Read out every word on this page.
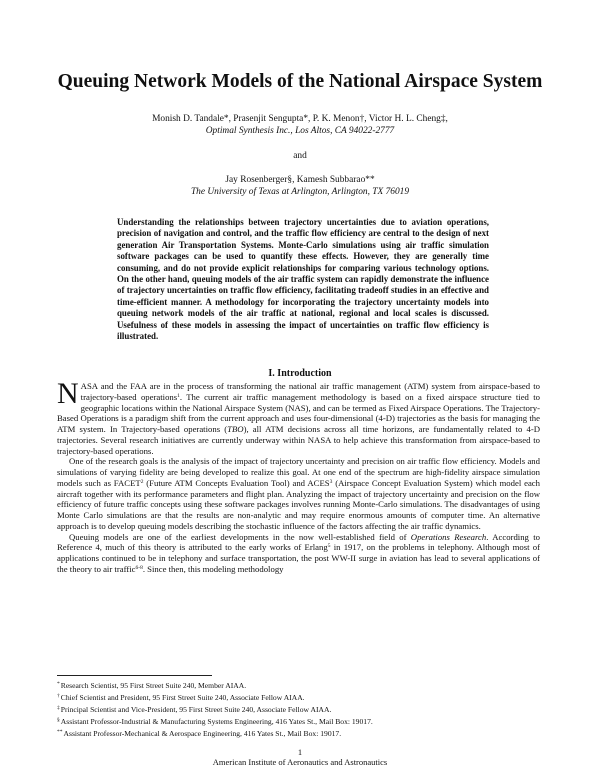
Queuing Network Models of the National Airspace System
Monish D. Tandale*, Prasenjit Sengupta*, P. K. Menon†, Victor H. L. Cheng‡,
Optimal Synthesis Inc., Los Altos, CA 94022-2777
and
Jay Rosenberger§, Kamesh Subbarao**
The University of Texas at Arlington, Arlington, TX 76019

Understanding the relationships between trajectory uncertainties due to aviation operations, precision of navigation and control, and the traffic flow efficiency are central to the design of next generation Air Transportation Systems. Monte-Carlo simulations using air traffic simulation software packages can be used to quantify these effects. However, they are generally time consuming, and do not provide explicit relationships for comparing various technology options. On the other hand, queuing models of the air traffic system can rapidly demonstrate the influence of trajectory uncertainties on traffic flow efficiency, facilitating tradeoff studies in an effective and time-efficient manner. A methodology for incorporating the trajectory uncertainty models into queuing network models of the air traffic at national, regional and local scales is discussed. Usefulness of these models in assessing the impact of uncertainties on traffic flow efficiency is illustrated.

I. Introduction

NASA and the FAA are in the process of transforming the national air traffic management (ATM) system from airspace-based to trajectory-based operations$^1$. The current air traffic management methodology is based on a fixed airspace structure tied to geographic locations within the National Airspace System (NAS), and can be termed as Fixed Airspace Operations. The Trajectory-Based Operations is a paradigm shift from the current approach and uses four-dimensional (4-D) trajectories as the basis for managing the ATM system. In Trajectory-based operations (TBO), all ATM decisions across all time horizons, are fundamentally related to 4-D trajectories. Several research initiatives are currently underway within NASA to help achieve this transformation from airspace-based to trajectory-based operations.

One of the research goals is the analysis of the impact of trajectory uncertainty and precision on air traffic flow efficiency. Models and simulations of varying fidelity are being developed to realize this goal. At one end of the spectrum are high-fidelity airspace simulation models such as FACET$^2$ (Future ATM Concepts Evaluation Tool) and ACES$^3$ (Airspace Concept Evaluation System) which model each aircraft together with its performance parameters and flight plan. Analyzing the impact of trajectory uncertainty and precision on the flow efficiency of future traffic concepts using these software packages involves running Monte-Carlo simulations. The disadvantages of using Monte Carlo simulations are that the results are non-analytic and may require enormous amounts of computer time. An alternative approach is to develop queuing models describing the stochastic influence of the factors affecting the air traffic dynamics.

Queuing models are one of the earliest developments in the now well-established field of Operations Research. According to Reference 4, much of this theory is attributed to the early works of Erlang$^5$ in 1917, on the problems in telephony. Although most of applications continued to be in telephony and surface transportation, the post WW-II surge in aviation has lead to several applications of the theory to air traffic$^{6-8}$. Since then, this modeling methodology

*Research Scientist, 95 First Street Suite 240, Member AIAA.
†Chief Scientist and President, 95 First Street Suite 240, Associate Fellow AIAA.
‡Principal Scientist and Vice-President, 95 First Street Suite 240, Associate Fellow AIAA.
§Assistant Professor-Industrial & Manufacturing Systems Engineering, 416 Yates St., Mail Box: 19017.
**Assistant Professor-Mechanical & Aerospace Engineering, 416 Yates St., Mail Box: 19017.
1
American Institute of Aeronautics and Astronautics
